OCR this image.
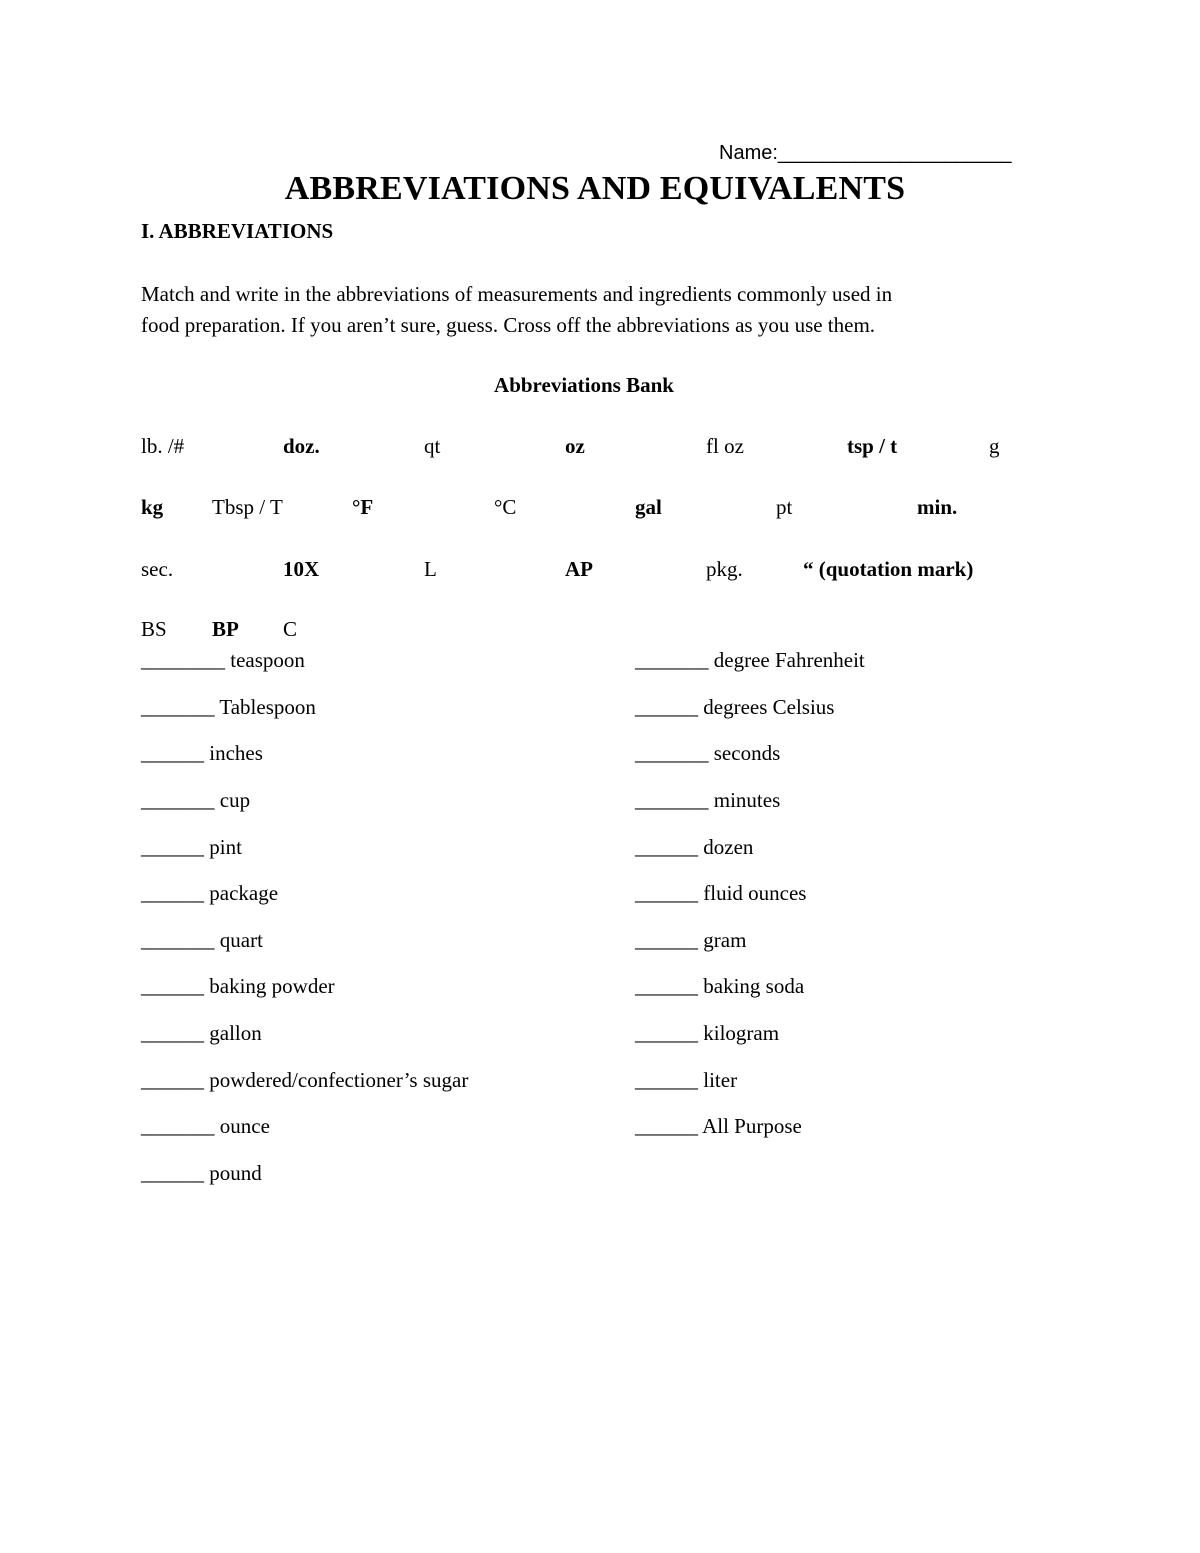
Name:_____________________
ABBREVIATIONS AND EQUIVALENTS
I. ABBREVIATIONS
Match and write in the abbreviations of measurements and ingredients commonly used in
food preparation. If you aren’t sure, guess. Cross off the abbreviations as you use them.
Abbreviations Bank
lb. /#	doz.	qt	oz	fl oz	tsp / t	g
kg Tbsp / T	°F	°C	gal	pt	min.
sec.	10X	L	AP	pkg.	“ (quotation mark)
BS BP C
________ teaspoon
_______ Tablespoon
______ inches
_______ cup
______ pint
______ package
_______ quart
______ baking powder
______ gallon
______ powdered/confectioner’s sugar
_______ ounce
______ pound
_______ degree Fahrenheit
______ degrees Celsius
_______ seconds
_______ minutes
______ dozen
______ fluid ounces
______ gram
______ baking soda
______ kilogram
______ liter
______ All Purpose
